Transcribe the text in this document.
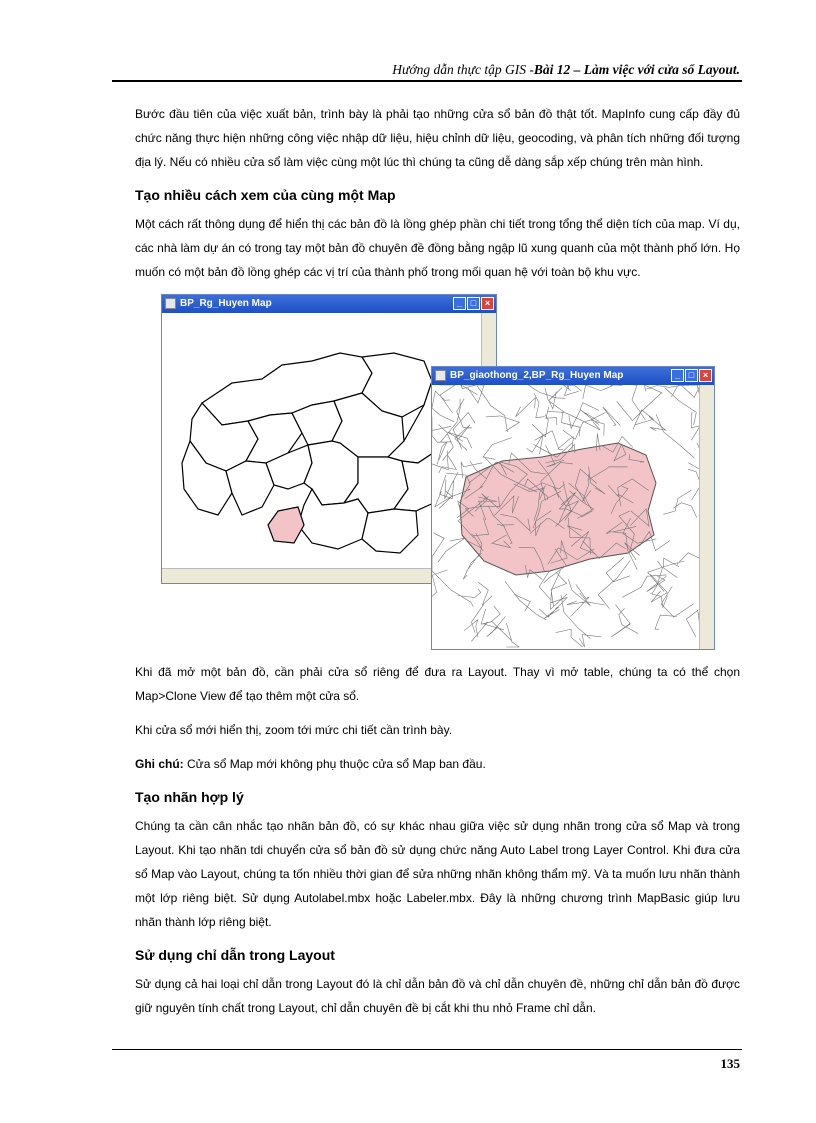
Hướng dẫn thực tập GIS -Bài 12 – Làm việc với cửa sổ Layout.

Bước đầu tiên của việc xuất bản, trình bày là phải tạo những cửa sổ bản đồ thật tốt. MapInfo cung cấp đầy đủ chức năng thực hiện những công việc nhập dữ liệu, hiệu chỉnh dữ liệu, geocoding, và phân tích những đối tượng địa lý. Nếu có nhiều cửa sổ làm việc cùng một lúc thì chúng ta cũng dễ dàng sắp xếp chúng trên màn hình.

Tạo nhiều cách xem của cùng một Map

Một cách rất thông dụng để hiển thị các bản đồ là lồng ghép phần chi tiết trong tổng thể diện tích của map. Ví dụ, các nhà làm dự án có trong tay một bản đồ chuyên đề đồng bằng ngập lũ xung quanh của một thành phố lớn. Họ muốn có một bản đồ lồng ghép các vị trí của thành phố trong mối quan hệ với toàn bộ khu vực.

BP_Rg_Huyen Map	_ □ ×
BP_giaothong_2,BP_Rg_Huyen Map	_ □ ×

Khi đã mở một bản đồ, cần phải cửa sổ riêng để đưa ra Layout. Thay vì mở table, chúng ta có thể chọn Map>Clone View để tạo thêm một cửa sổ.

Khi cửa sổ mới hiển thị, zoom tới mức chi tiết cần trình bày.

Ghi chú: Cửa sổ Map mới không phụ thuộc cửa sổ Map ban đầu.

Tạo nhãn hợp lý

Chúng ta cần cân nhắc tạo nhãn bản đồ, có sự khác nhau giữa việc sử dụng nhãn trong cửa sổ Map và trong Layout. Khi tạo nhãn tdi chuyển cửa sổ bản đồ sử dụng chức năng Auto Label trong Layer Control. Khi đưa cửa sổ Map vào Layout, chúng ta tốn nhiều thời gian để sửa những nhãn không thẩm mỹ. Và ta muốn lưu nhãn thành một lớp riêng biệt. Sử dụng Autolabel.mbx hoặc Labeler.mbx. Đây là những chương trình MapBasic giúp lưu nhãn thành lớp riêng biệt.

Sử dụng chỉ dẫn trong Layout

Sử dụng cả hai loại chỉ dẫn trong Layout đó là chỉ dẫn bản đồ và chỉ dẫn chuyên đề, những chỉ dẫn bản đồ được giữ nguyên tính chất trong Layout, chỉ dẫn chuyên đề bị cắt khi thu nhỏ Frame chỉ dẫn.

135
